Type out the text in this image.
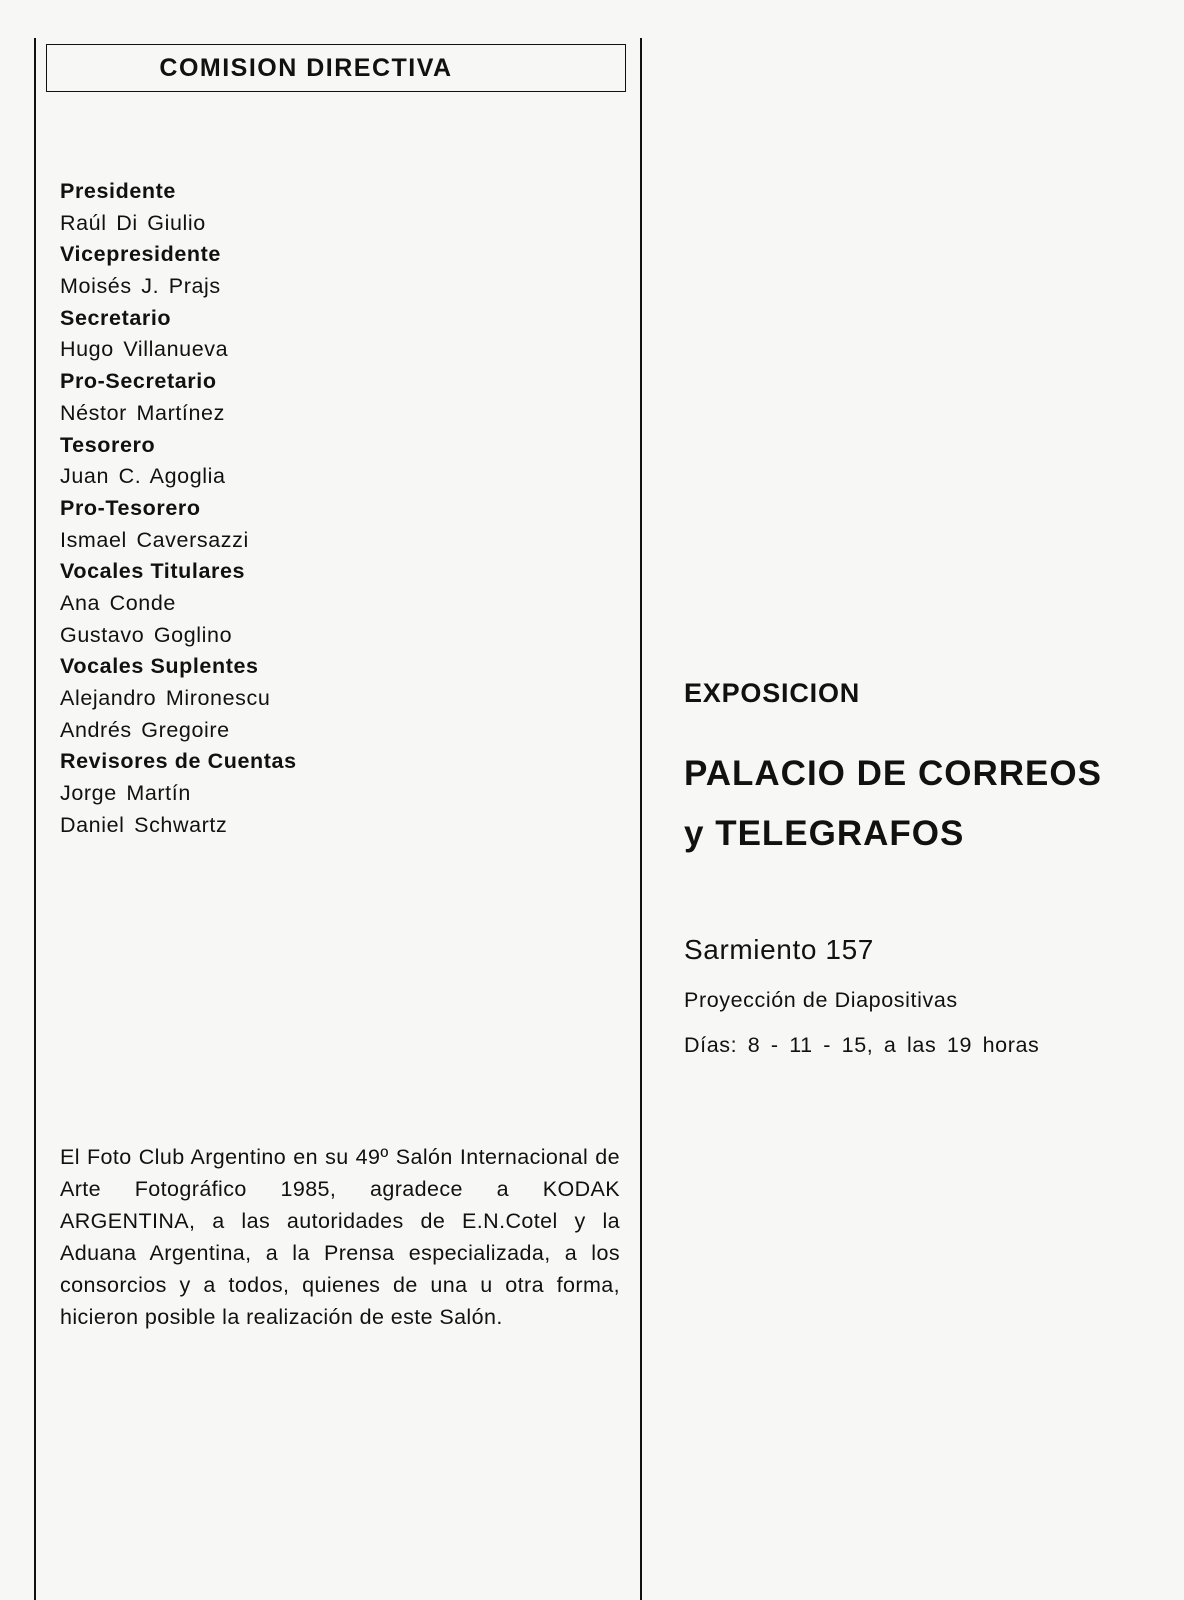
COMISION DIRECTIVA
Presidente
Raúl Di Giulio
Vicepresidente
Moisés J. Prajs
Secretario
Hugo Villanueva
Pro-Secretario
Néstor Martínez
Tesorero
Juan C. Agoglia
Pro-Tesorero
Ismael Caversazzi
Vocales Titulares
Ana Conde
Gustavo Goglino
Vocales Suplentes
Alejandro Mironescu
Andrés Gregoire
Revisores de Cuentas
Jorge Martín
Daniel Schwartz
El Foto Club Argentino en su 49º Salón Internacional de Arte Fotográfico 1985, agradece a KODAK ARGENTINA, a las autoridades de E.N.Cotel y la Aduana Argentina, a la Prensa especializada, a los consorcios y a todos, quienes de una u otra forma, hicieron posible la realización de este Salón.
EXPOSICION
PALACIO DE CORREOS
y TELEGRAFOS
Sarmiento 157
Proyección de Diapositivas
Días: 8 - 11 - 15, a las 19 horas
